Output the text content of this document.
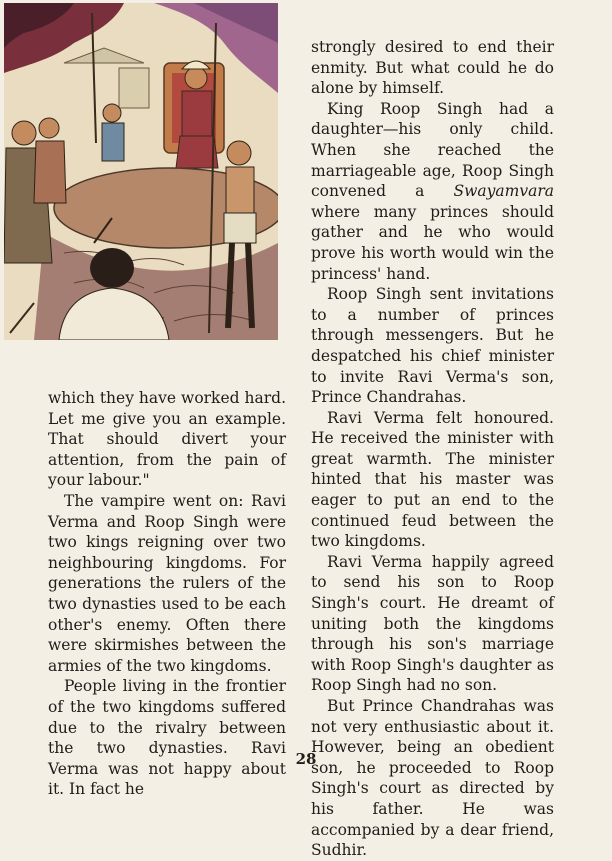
which they have worked hard. Let me give you an example. That should divert your attention, from the pain of your labour."

The vampire went on: Ravi Verma and Roop Singh were two kings reigning over two neighbouring kingdoms. For generations the rulers of the two dynasties used to be each other's enemy. Often there were skirmishes between the armies of the two kingdoms.

People living in the frontier of the two kingdoms suffered due to the rivalry between the two dynasties. Ravi Verma was not happy about it. In fact he

strongly desired to end their enmity. But what could he do alone by himself.

King Roop Singh had a daughter—his only child. When she reached the marriageable age, Roop Singh convened a Swayamvara where many princes should gather and he who would prove his worth would win the princess' hand.

Roop Singh sent invitations to a number of princes through messengers. But he despatched his chief minister to invite Ravi Verma's son, Prince Chandrahas.

Ravi Verma felt honoured. He received the minister with great warmth. The minister hinted that his master was eager to put an end to the continued feud between the two kingdoms.

Ravi Verma happily agreed to send his son to Roop Singh's court. He dreamt of uniting both the kingdoms through his son's marriage with Roop Singh's daughter as Roop Singh had no son.

But Prince Chandrahas was not very enthusiastic about it. However, being an obedient son, he proceeded to Roop Singh's court as directed by his father. He was accompanied by a dear friend, Sudhir.

28
